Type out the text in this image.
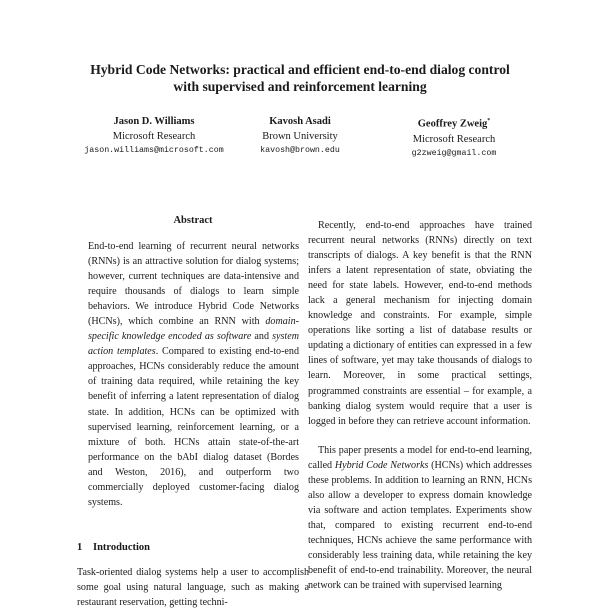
Hybrid Code Networks: practical and efficient end-to-end dialog control
with supervised and reinforcement learning
Jason D. Williams
Microsoft Research
jason.williams@microsoft.com
Kavosh Asadi
Brown University
kavosh@brown.edu
Geoffrey Zweig*
Microsoft Research
g2zweig@gmail.com
Abstract

End-to-end learning of recurrent neural networks (RNNs) is an attractive solution for dialog systems; however, current techniques are data-intensive and require thousands of dialogs to learn simple behaviors. We introduce Hybrid Code Networks (HCNs), which combine an RNN with domain-specific knowledge encoded as software and system action templates. Compared to existing end-to-end approaches, HCNs considerably reduce the amount of training data required, while retaining the key benefit of inferring a latent representation of dialog state. In addition, HCNs can be optimized with supervised learning, reinforcement learning, or a mixture of both. HCNs attain state-of-the-art performance on the bAbI dialog dataset (Bordes and Weston, 2016), and outperform two commercially deployed customer-facing dialog systems.

1 Introduction

Task-oriented dialog systems help a user to accomplish some goal using natural language, such as making a restaurant reservation, getting techni-

Recently, end-to-end approaches have trained recurrent neural networks (RNNs) directly on text transcripts of dialogs. A key benefit is that the RNN infers a latent representation of state, obviating the need for state labels. However, end-to-end methods lack a general mechanism for injecting domain knowledge and constraints. For example, simple operations like sorting a list of database results or updating a dictionary of entities can expressed in a few lines of software, yet may take thousands of dialogs to learn. Moreover, in some practical settings, programmed constraints are essential – for example, a banking dialog system would require that a user is logged in before they can retrieve account information.

This paper presents a model for end-to-end learning, called Hybrid Code Networks (HCNs) which addresses these problems. In addition to learning an RNN, HCNs also allow a developer to express domain knowledge via software and action templates. Experiments show that, compared to existing recurrent end-to-end techniques, HCNs achieve the same performance with considerably less training data, while retaining the key benefit of end-to-end trainability. Moreover, the neural network can be trained with supervised learning
